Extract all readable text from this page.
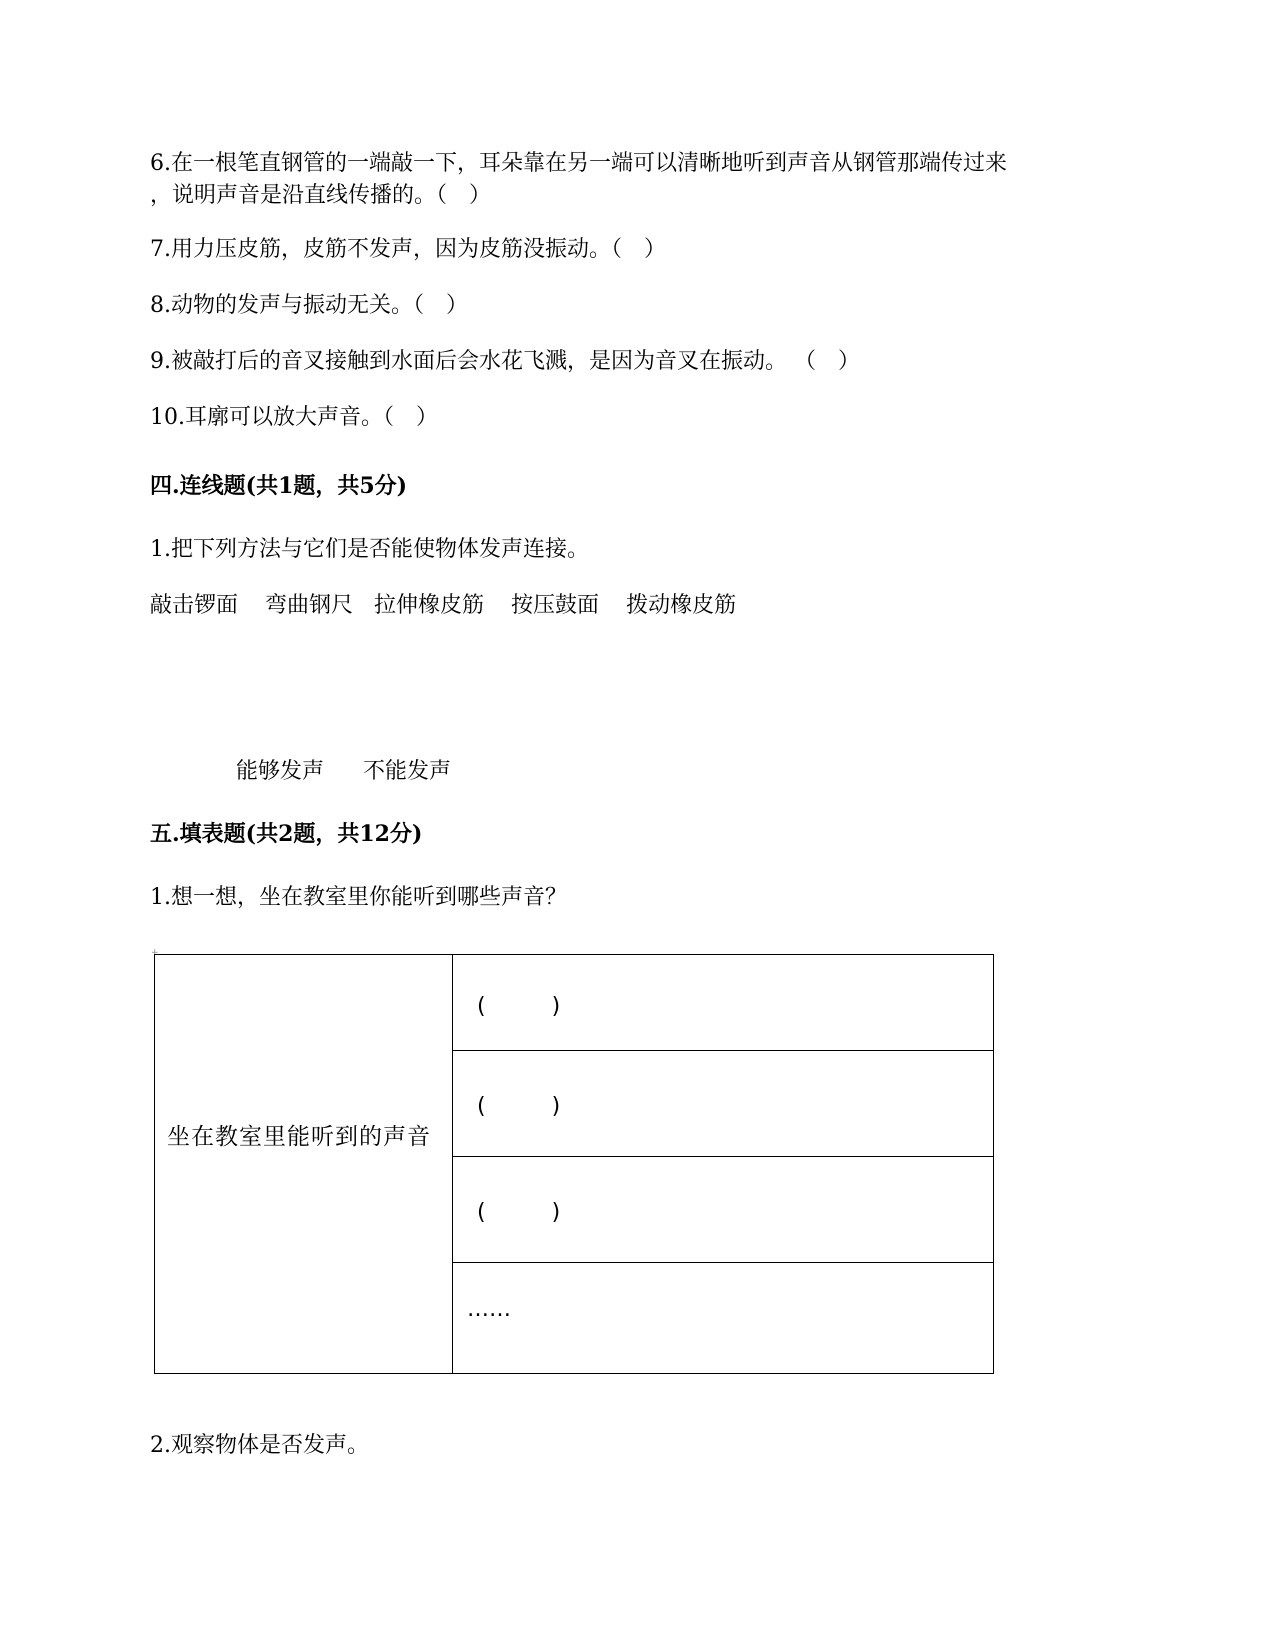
6.在一根笔直钢管的一端敲一下，耳朵靠在另一端可以清晰地听到声音从钢管那端传过来
，说明声音是沿直线传播的。（　）
7.用力压皮筋，皮筋不发声，因为皮筋没振动。（　）
8.动物的发声与振动无关。（　）
9.被敲打后的音叉接触到水面后会水花飞溅，是因为音叉在振动。 （　）
10.耳廓可以放大声音。（　）
四.连线题(共1题，共5分)
1.把下列方法与它们是否能使物体发声连接。
敲击锣面 弯曲钢尺 拉伸橡皮筋 按压鼓面 拨动橡皮筋
能够发声 不能发声
五.填表题(共2题，共12分)
1.想一想，坐在教室里你能听到哪些声音？
+
坐在教室里能听到的声音
(　　　)
(　　　)
(　　　)
……
2.观察物体是否发声。
